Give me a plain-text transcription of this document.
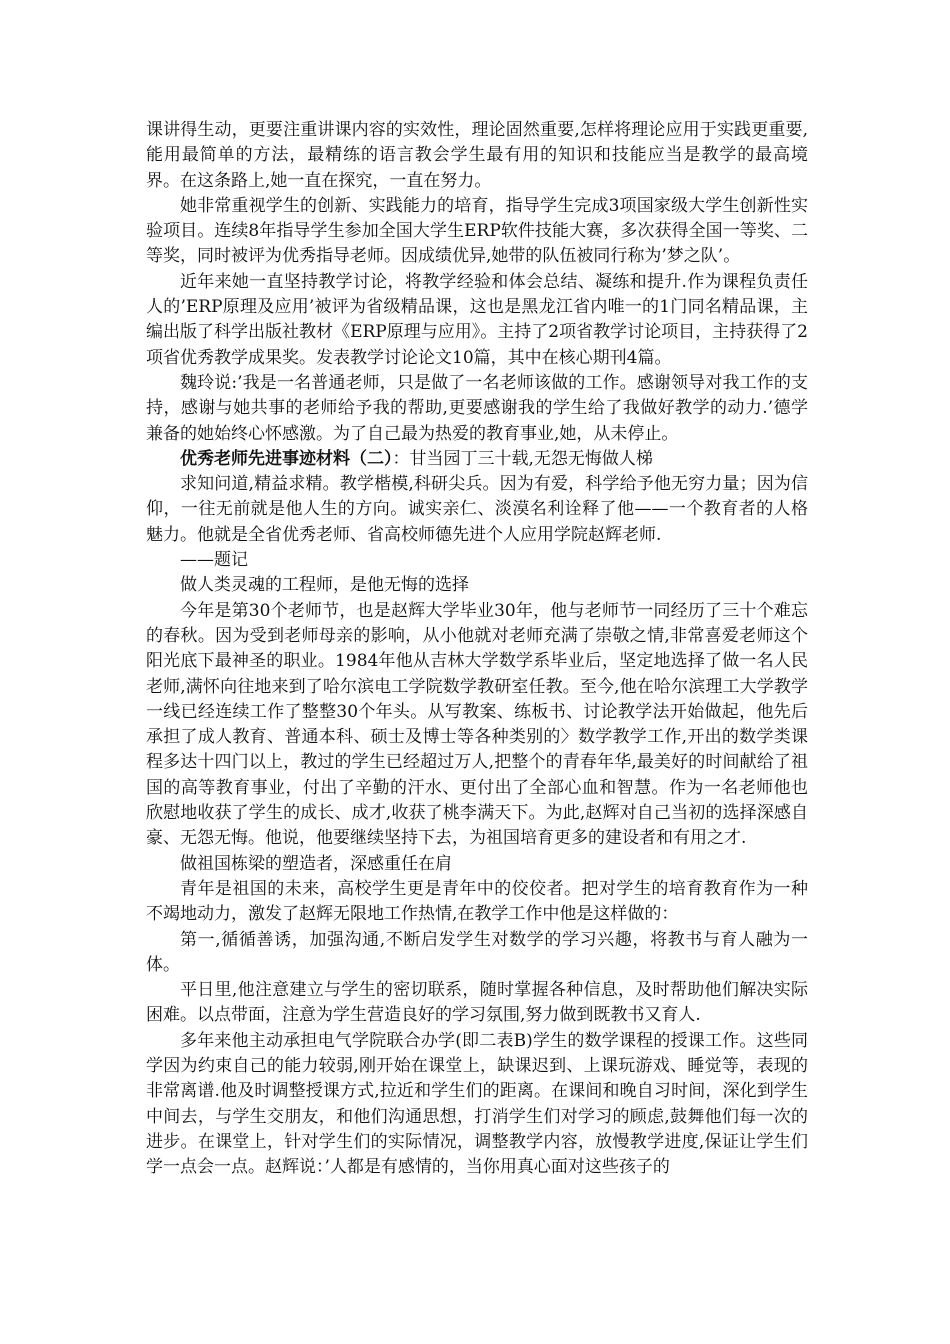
课讲得生动，更要注重讲课内容的实效性，理论固然重要,怎样将理论应用于实践更重要,能用最简单的方法，最精练的语言教会学生最有用的知识和技能应当是教学的最高境界。在这条路上,她一直在探究，一直在努力。

她非常重视学生的创新、实践能力的培育，指导学生完成3项国家级大学生创新性实验项目。连续8年指导学生参加全国大学生ERP软件技能大赛，多次获得全国一等奖、二等奖，同时被评为优秀指导老师。因成绩优异,她带的队伍被同行称为’梦之队’。

近年来她一直坚持教学讨论，将教学经验和体会总结、凝练和提升.作为课程负责任人的’ERP原理及应用’被评为省级精品课，这也是黑龙江省内唯一的1门同名精品课，主编出版了科学出版社教材《ERP原理与应用》。主持了2项省教学讨论项目，主持获得了2项省优秀教学成果奖。发表教学讨论论文10篇，其中在核心期刊4篇。

魏玲说:’我是一名普通老师，只是做了一名老师该做的工作。感谢领导对我工作的支持，感谢与她共事的老师给予我的帮助,更要感谢我的学生给了我做好教学的动力.’德学兼备的她始终心怀感激。为了自己最为热爱的教育事业,她，从未停止。

优秀老师先进事迹材料（二）：甘当园丁三十载,无怨无悔做人梯

求知问道,精益求精。教学楷模,科研尖兵。因为有爱，科学给予他无穷力量；因为信仰，一往无前就是他人生的方向。诚实亲仁、淡漠名利诠释了他——一个教育者的人格魅力。他就是全省优秀老师、省高校师德先进个人应用学院赵辉老师.

——题记

做人类灵魂的工程师，是他无悔的选择

今年是第30个老师节，也是赵辉大学毕业30年，他与老师节一同经历了三十个难忘的春秋。因为受到老师母亲的影响，从小他就对老师充满了崇敬之情,非常喜爱老师这个阳光底下最神圣的职业。1984年他从吉林大学数学系毕业后，坚定地选择了做一名人民老师,满怀向往地来到了哈尔滨电工学院数学教研室任教。至今,他在哈尔滨理工大学教学一线已经连续工作了整整30个年头。从写教案、练板书、讨论教学法开始做起，他先后承担了成人教育、普通本科、硕士及博士等各种类别的〉数学教学工作,开出的数学类课程多达十四门以上，教过的学生已经超过万人,把整个的青春年华,最美好的时间献给了祖国的高等教育事业，付出了辛勤的汗水、更付出了全部心血和智慧。作为一名老师他也欣慰地收获了学生的成长、成才,收获了桃李满天下。为此,赵辉对自己当初的选择深感自豪、无怨无悔。他说，他要继续坚持下去，为祖国培育更多的建设者和有用之才.

做祖国栋梁的塑造者，深感重任在肩

青年是祖国的未来，高校学生更是青年中的佼佼者。把对学生的培育教育作为一种不竭地动力，激发了赵辉无限地工作热情,在教学工作中他是这样做的：

第一,循循善诱，加强沟通,不断启发学生对数学的学习兴趣，将教书与育人融为一体。

平日里,他注意建立与学生的密切联系，随时掌握各种信息，及时帮助他们解决实际困难。以点带面，注意为学生营造良好的学习氛围,努力做到既教书又育人.

多年来他主动承担电气学院联合办学(即二表B)学生的数学课程的授课工作。这些同学因为约束自己的能力较弱,刚开始在课堂上，缺课迟到、上课玩游戏、睡觉等，表现的非常离谱.他及时调整授课方式,拉近和学生们的距离。在课间和晚自习时间，深化到学生中间去，与学生交朋友，和他们沟通思想，打消学生们对学习的顾虑,鼓舞他们每一次的进步。在课堂上，针对学生们的实际情况，调整教学内容，放慢教学进度,保证让学生们学一点会一点。赵辉说：’人都是有感情的，当你用真心面对这些孩子的
